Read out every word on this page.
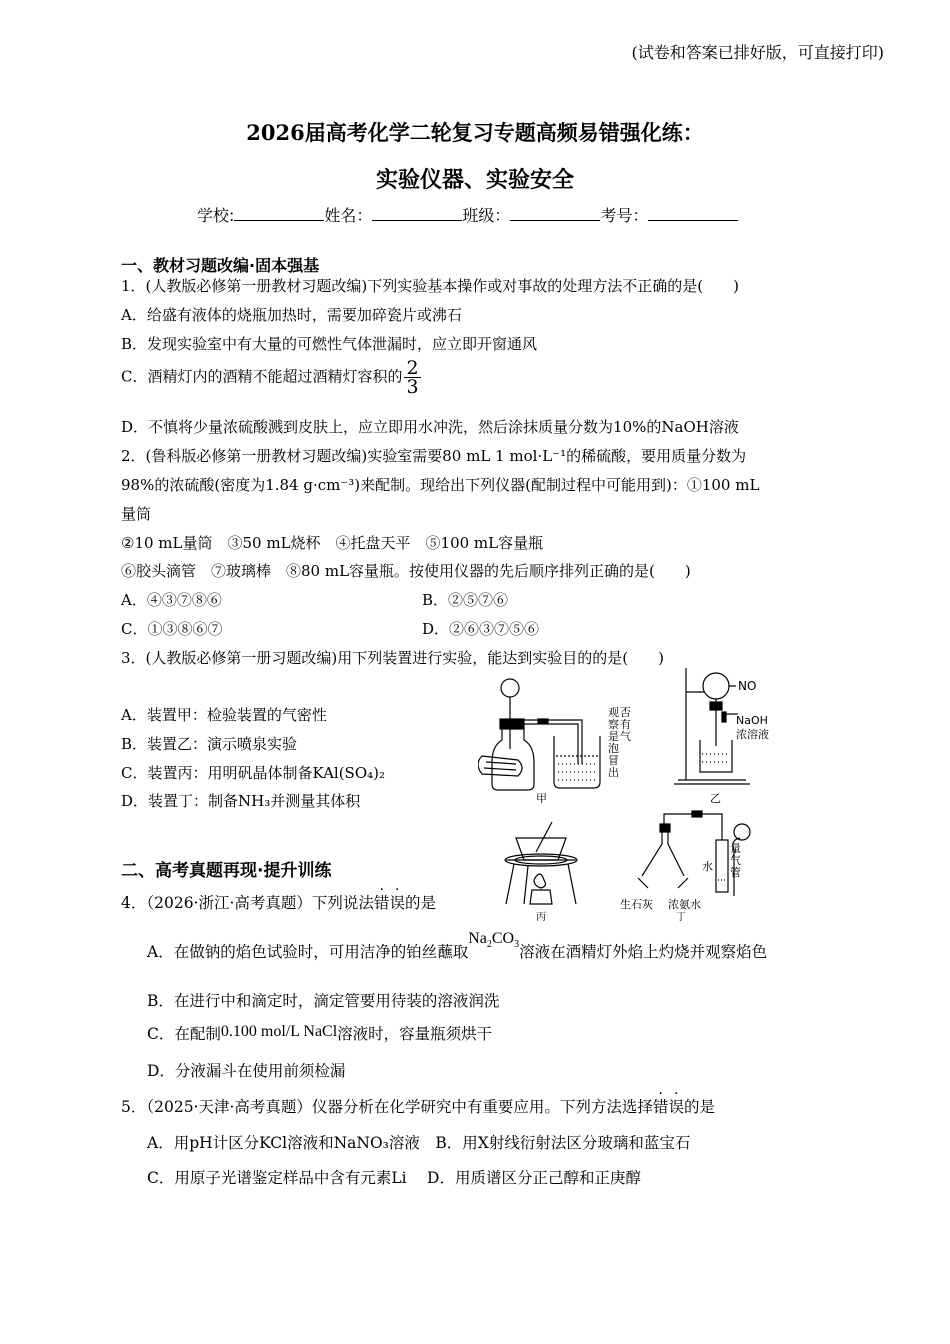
(试卷和答案已排好版，可直接打印)
2026届高考化学二轮复习专题高频易错强化练：
实验仪器、实验安全
学校:	姓名：	班级：	考号：
一、教材习题改编·固本强基
1．(人教版必修第一册教材习题改编)下列实验基本操作或对事故的处理方法不正确的是(　　)
A．给盛有液体的烧瓶加热时，需要加碎瓷片或沸石
B．发现实验室中有大量的可燃性气体泄漏时，应立即开窗通风
C．酒精灯内的酒精不能超过酒精灯容积的 $\frac{2}{3}$
D．不慎将少量浓硫酸溅到皮肤上，应立即用水冲洗，然后涂抹质量分数为10%的NaOH溶液
2．(鲁科版必修第一册教材习题改编)实验室需要80 mL 1 mol·L⁻¹的稀硫酸，要用质量分数为
98%的浓硫酸(密度为1.84 g·cm⁻³)来配制。现给出下列仪器(配制过程中可能用到)：①100 mL
量筒
②10 mL量筒　③50 mL烧杯　④托盘天平　⑤100 mL容量瓶
⑥胶头滴管　⑦玻璃棒　⑧80 mL容量瓶。按使用仪器的先后顺序排列正确的是(　　)
A．④③⑦⑧⑥	B．②⑤⑦⑥
C．①③⑧⑥⑦	D．②⑥③⑦⑤⑥
3．(人教版必修第一册习题改编)用下列装置进行实验，能达到实验目的的是(　　)
A．装置甲：检验装置的气密性
B．装置乙：演示喷泉实验
C．装置丙：用明矾晶体制备KAl(SO₄)₂
D．装置丁：制备NH₃并测量其体积	甲	乙
丙	丁
NO
NaOH
浓溶液
水
生石灰 浓氨水
观
察
是
否
有
气
泡
冒
出
量
气
管
二、高考真题再现·提升训练
4．（2026·浙江·高考真题）下列说法错误的是
A．在做钠的焰色试验时，可用洁净的铂丝蘸取$Na_2CO_3$溶液在酒精灯外焰上灼烧并观察焰色
B．在进行中和滴定时，滴定管要用待装的溶液润洗
C．在配制0.100 mol/L NaCl溶液时，容量瓶须烘干
D．分液漏斗在使用前须检漏
5．（2025·天津·高考真题）仪器分析在化学研究中有重要应用。下列方法选择错误的是
A．用pH计区分KCl溶液和NaNO₃溶液　B．用X射线衍射法区分玻璃和蓝宝石
C．用原子光谱鉴定样品中含有元素Li　 D．用质谱区分正己醇和正庚醇
